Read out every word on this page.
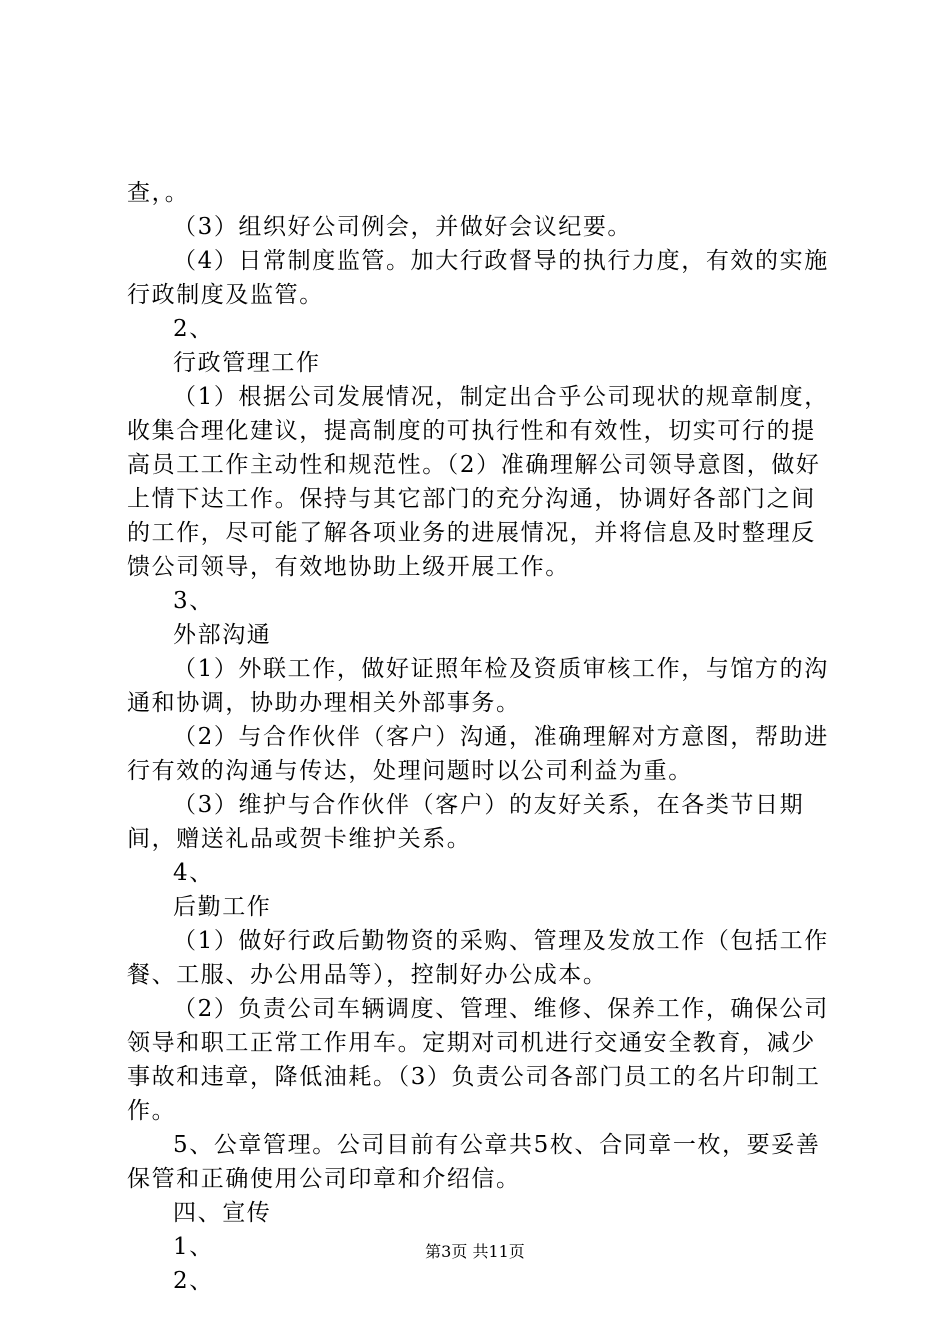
查，。

（3）组织好公司例会，并做好会议纪要。

（4）日常制度监管。加大行政督导的执行力度，有效的实施行政制度及监管。

2、

行政管理工作

（1）根据公司发展情况，制定出合乎公司现状的规章制度，收集合理化建议，提高制度的可执行性和有效性，切实可行的提高员工工作主动性和规范性。（2）准确理解公司领导意图，做好上情下达工作。保持与其它部门的充分沟通，协调好各部门之间的工作，尽可能了解各项业务的进展情况，并将信息及时整理反馈公司领导，有效地协助上级开展工作。

3、

外部沟通

（1）外联工作，做好证照年检及资质审核工作，与馆方的沟通和协调，协助办理相关外部事务。

（2）与合作伙伴（客户）沟通，准确理解对方意图，帮助进行有效的沟通与传达，处理问题时以公司利益为重。

（3）维护与合作伙伴（客户）的友好关系，在各类节日期间，赠送礼品或贺卡维护关系。

4、

后勤工作

（1）做好行政后勤物资的采购、管理及发放工作（包括工作餐、工服、办公用品等），控制好办公成本。

（2）负责公司车辆调度、管理、维修、保养工作，确保公司领导和职工正常工作用车。定期对司机进行交通安全教育，减少事故和违章，降低油耗。（3）负责公司各部门员工的名片印制工作。

5、公章管理。公司目前有公章共5枚、合同章一枚，要妥善保管和正确使用公司印章和介绍信。

四、宣传

1、

2、

第3页 共11页
